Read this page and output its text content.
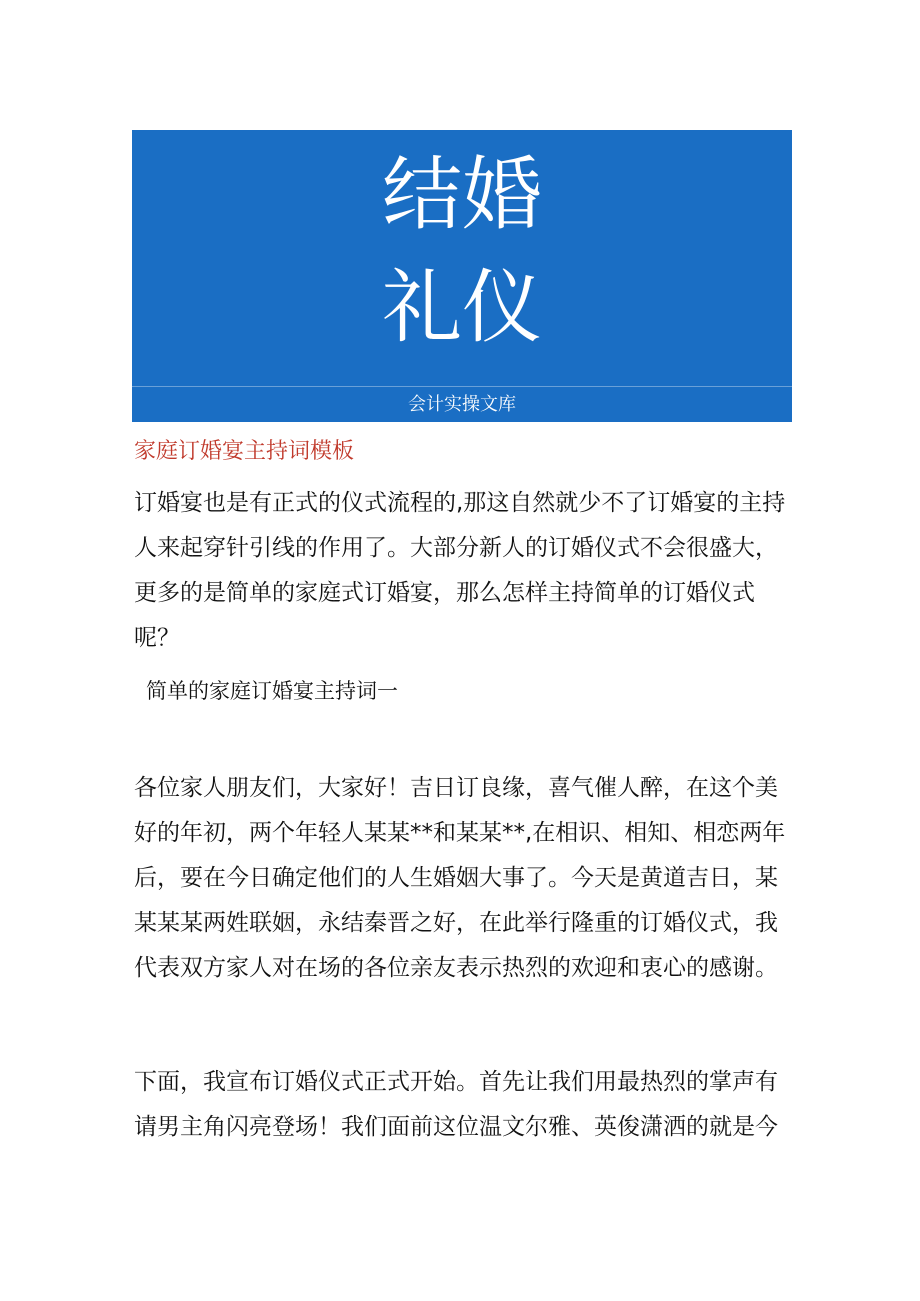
结婚
礼仪
会计实操文库
家庭订婚宴主持词模板

订婚宴也是有正式的仪式流程的,那这自然就少不了订婚宴的主持人来起穿针引线的作用了。大部分新人的订婚仪式不会很盛大，更多的是简单的家庭式订婚宴，那么怎样主持简单的订婚仪式呢？

简单的家庭订婚宴主持词一

各位家人朋友们，大家好！吉日订良缘，喜气催人醉，在这个美好的年初，两个年轻人某某**和某某**,在相识、相知、相恋两年后，要在今日确定他们的人生婚姻大事了。今天是黄道吉日，某某某某两姓联姻，永结秦晋之好，在此举行隆重的订婚仪式，我代表双方家人对在场的各位亲友表示热烈的欢迎和衷心的感谢。

下面，我宣布订婚仪式正式开始。首先让我们用最热烈的掌声有请男主角闪亮登场！我们面前这位温文尔雅、英俊潇洒的就是今
